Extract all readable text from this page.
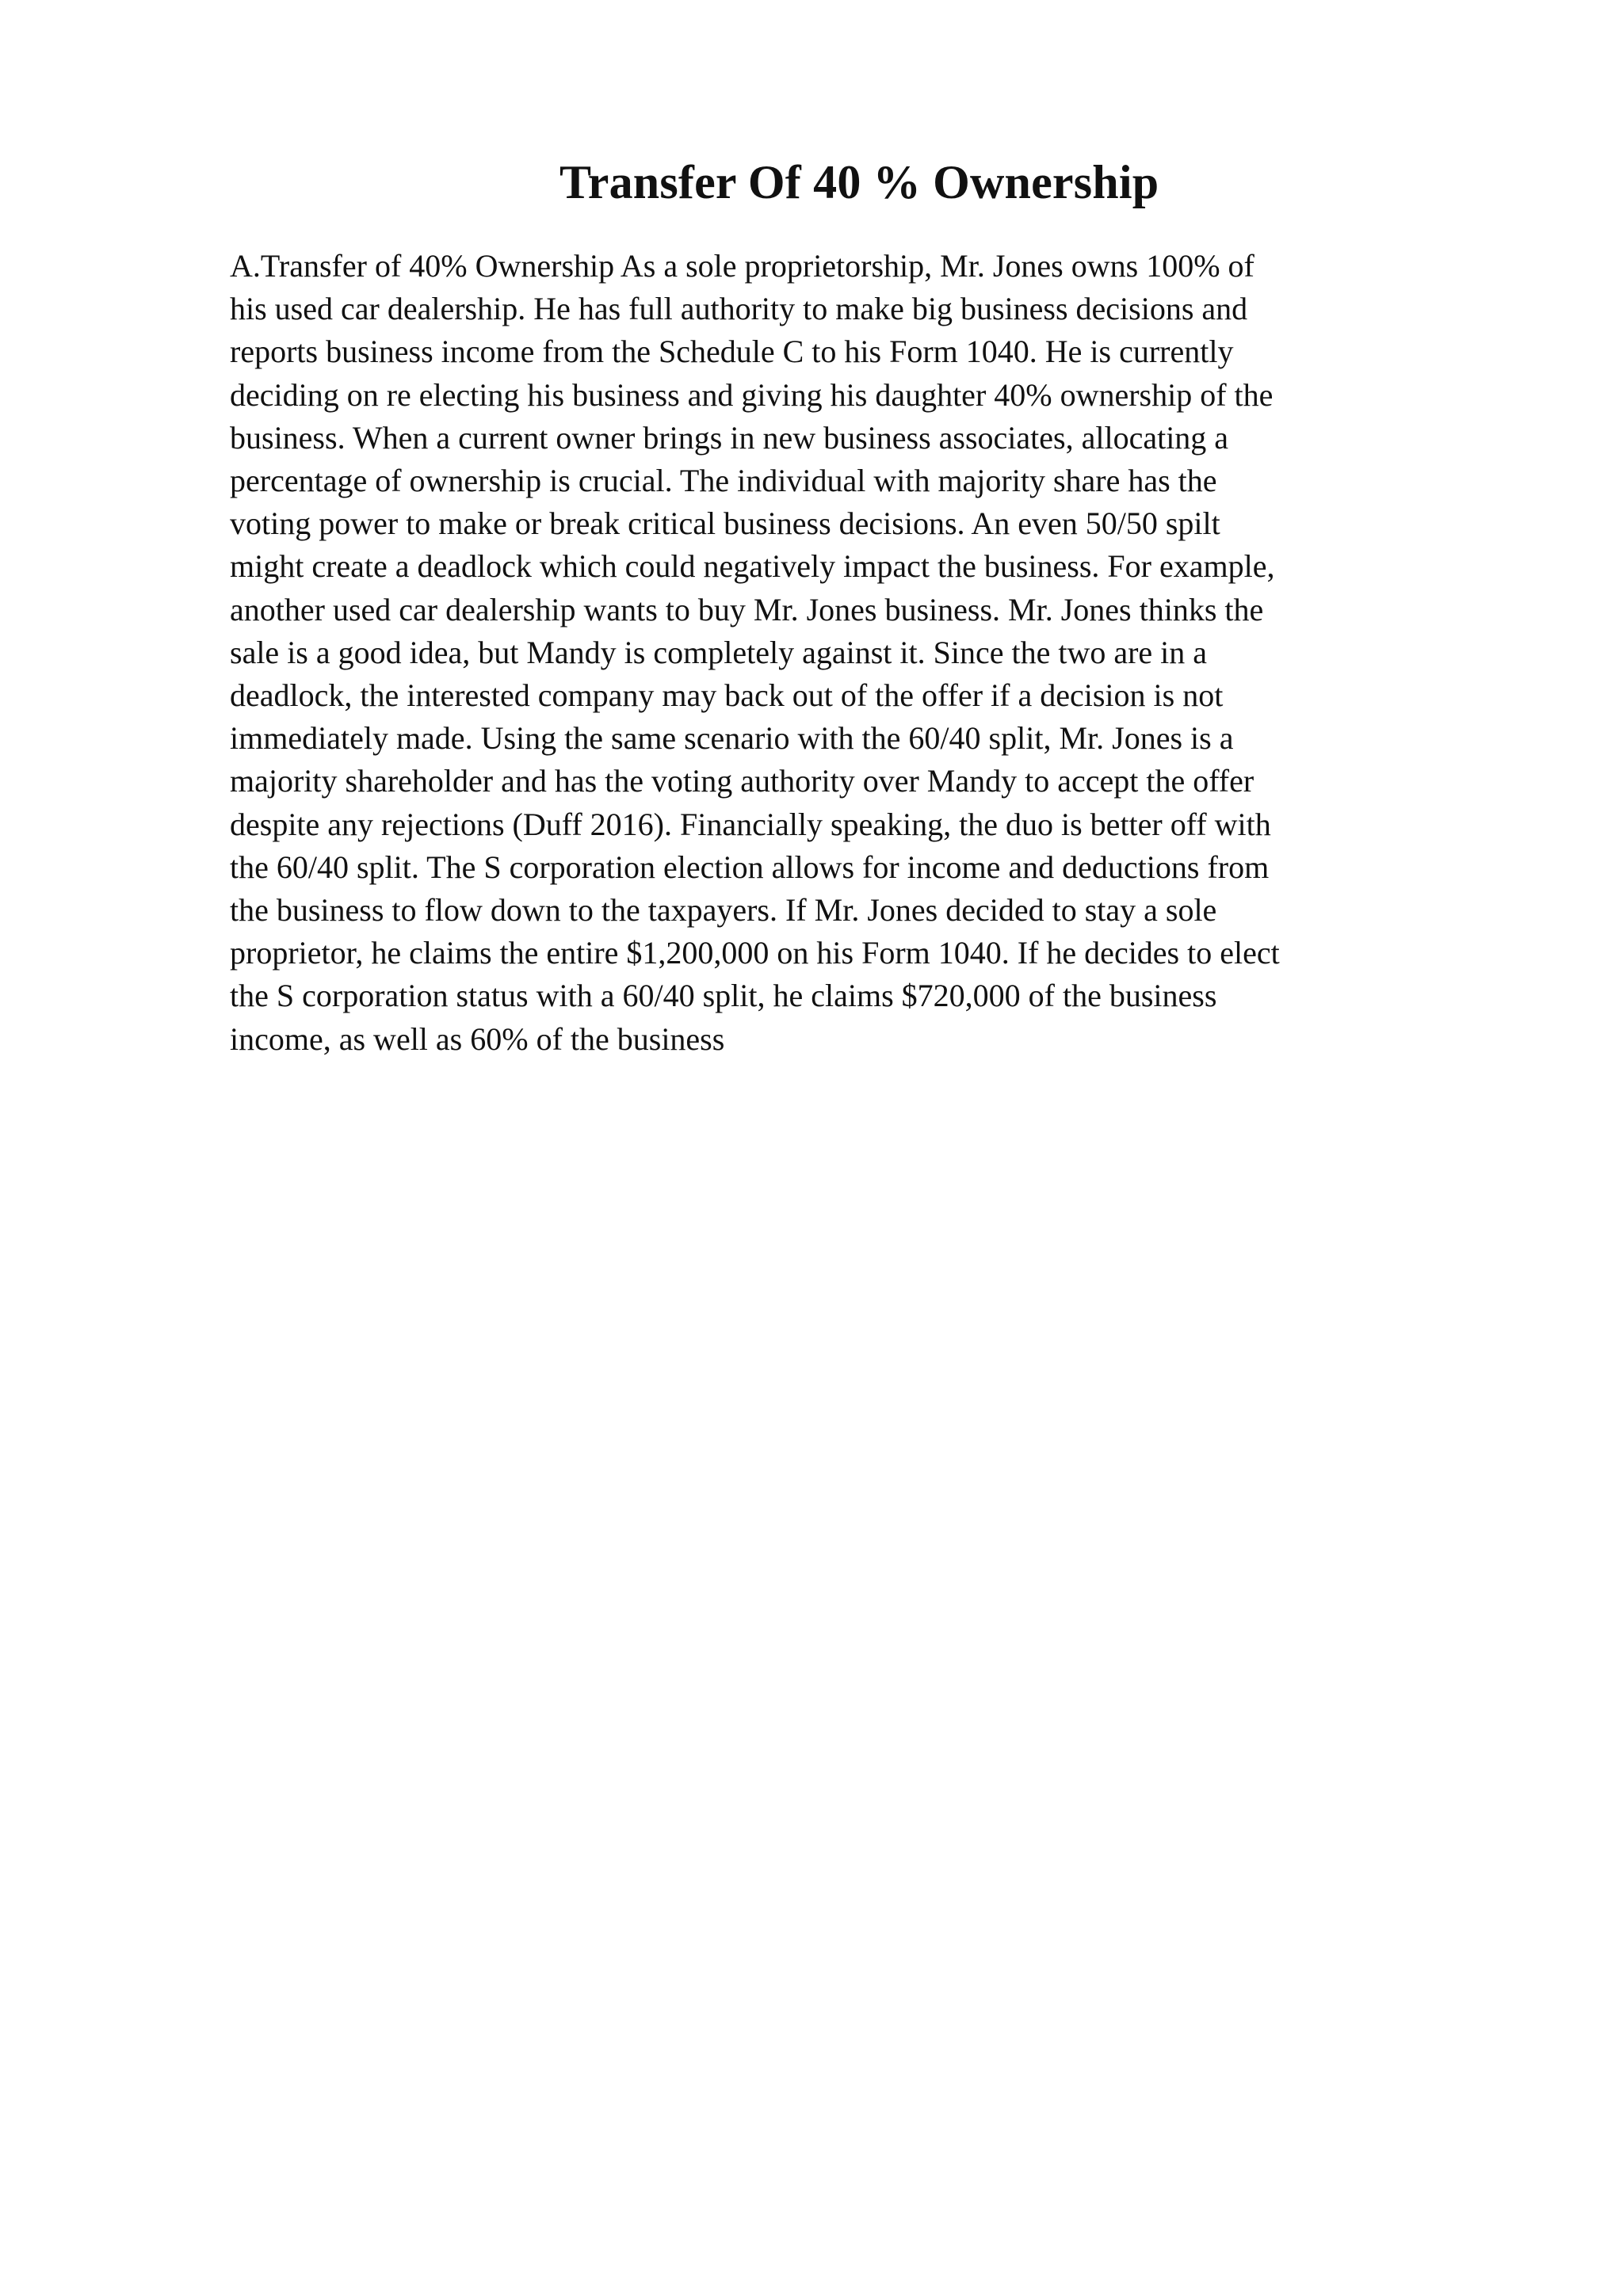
Transfer Of 40 % Ownership
A.Transfer of 40% Ownership As a sole proprietorship, Mr. Jones owns 100% of
his used car dealership. He has full authority to make big business decisions and
reports business income from the Schedule C to his Form 1040. He is currently
deciding on re electing his business and giving his daughter 40% ownership of the
business. When a current owner brings in new business associates, allocating a
percentage of ownership is crucial. The individual with majority share has the
voting power to make or break critical business decisions. An even 50/50 spilt
might create a deadlock which could negatively impact the business. For example,
another used car dealership wants to buy Mr. Jones business. Mr. Jones thinks the
sale is a good idea, but Mandy is completely against it. Since the two are in a
deadlock, the interested company may back out of the offer if a decision is not
immediately made. Using the same scenario with the 60/40 split, Mr. Jones is a
majority shareholder and has the voting authority over Mandy to accept the offer
despite any rejections (Duff 2016). Financially speaking, the duo is better off with
the 60/40 split. The S corporation election allows for income and deductions from
the business to flow down to the taxpayers. If Mr. Jones decided to stay a sole
proprietor, he claims the entire $1,200,000 on his Form 1040. If he decides to elect
the S corporation status with a 60/40 split, he claims $720,000 of the business
income, as well as 60% of the business
